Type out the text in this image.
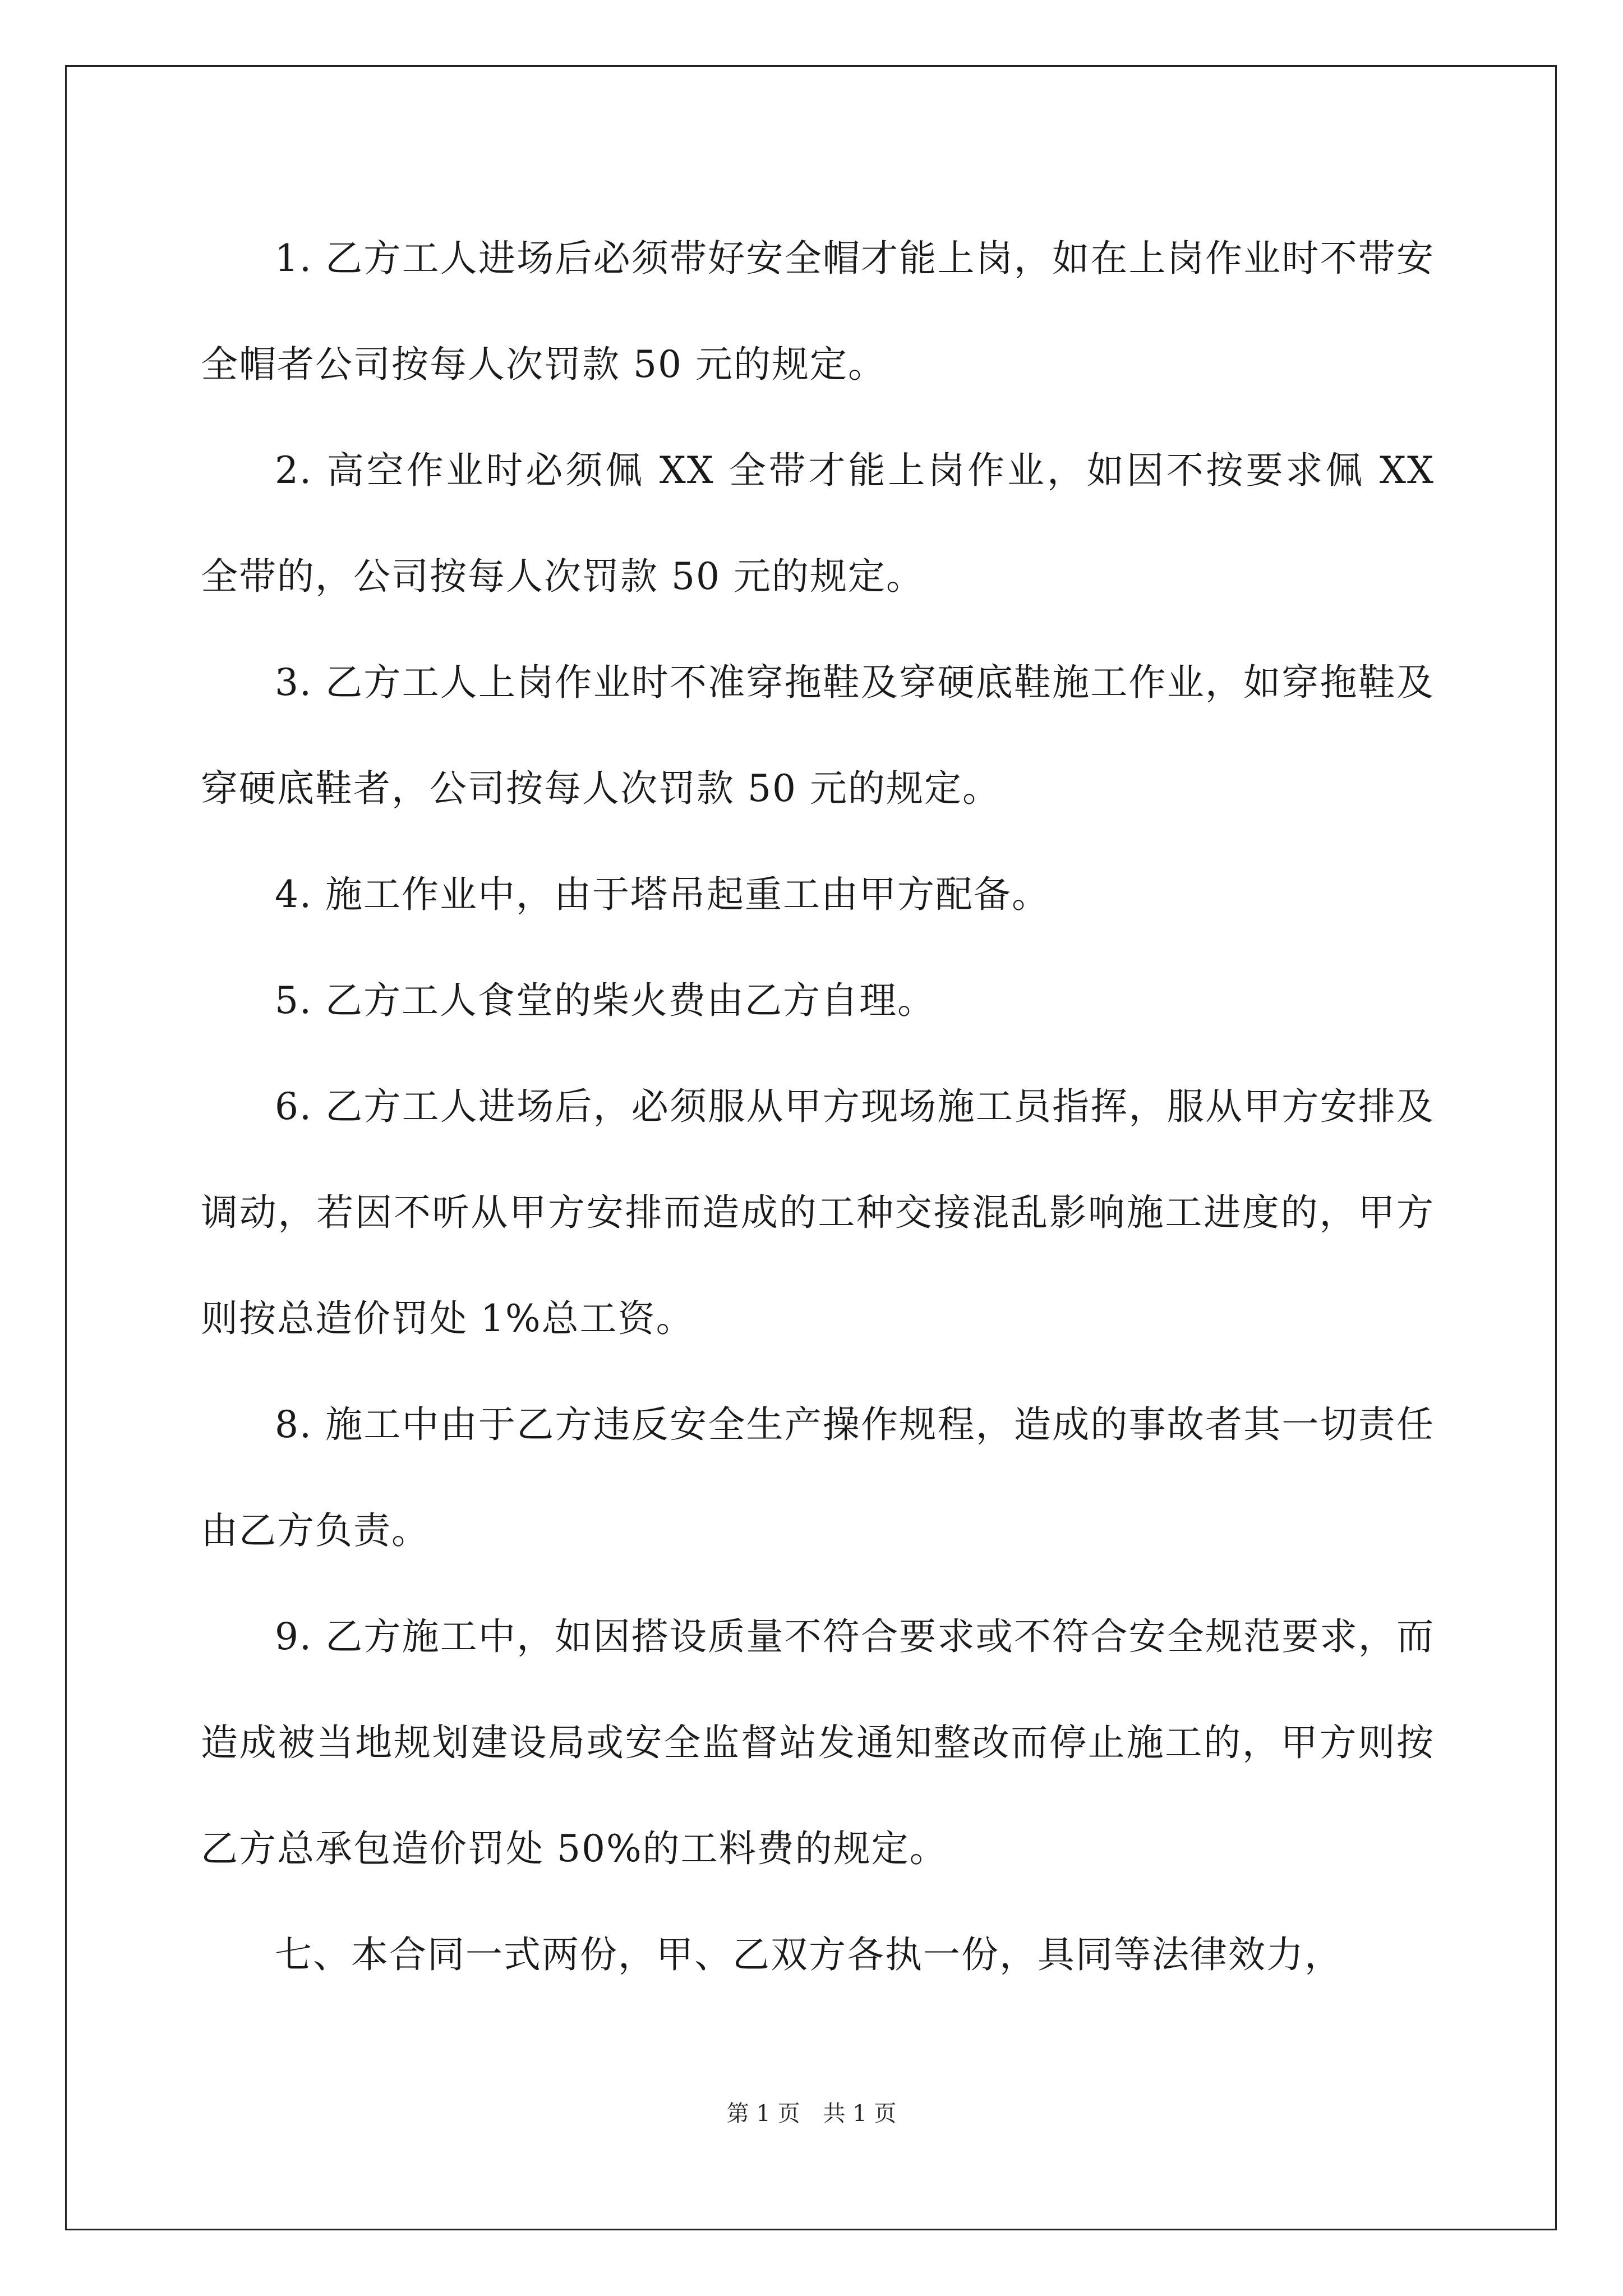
1. 乙方工人进场后必须带好安全帽才能上岗，如在上岗作业时不带安全帽者公司按每人次罚款 50 元的规定。

2. 高空作业时必须佩 XX 全带才能上岗作业，如因不按要求佩 XX 全带的，公司按每人次罚款 50 元的规定。

3. 乙方工人上岗作业时不准穿拖鞋及穿硬底鞋施工作业，如穿拖鞋及穿硬底鞋者，公司按每人次罚款 50 元的规定。

4. 施工作业中，由于塔吊起重工由甲方配备。

5. 乙方工人食堂的柴火费由乙方自理。

6. 乙方工人进场后，必须服从甲方现场施工员指挥，服从甲方安排及调动，若因不听从甲方安排而造成的工种交接混乱影响施工进度的，甲方则按总造价罚处 1%总工资。

8. 施工中由于乙方违反安全生产操作规程，造成的事故者其一切责任由乙方负责。

9. 乙方施工中，如因搭设质量不符合要求或不符合安全规范要求，而造成被当地规划建设局或安全监督站发通知整改而停止施工的，甲方则按乙方总承包造价罚处 50%的工料费的规定。

七、本合同一式两份，甲、乙双方各执一份，具同等法律效力，

第 1 页 共 1 页
